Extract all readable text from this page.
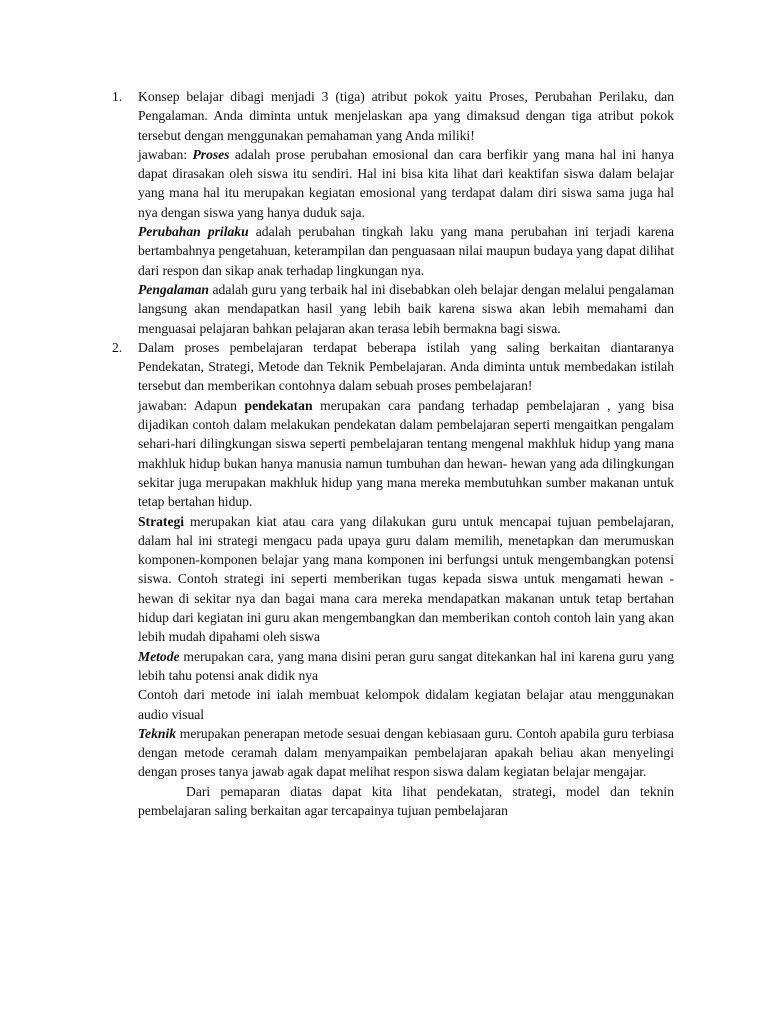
1. Konsep belajar dibagi menjadi 3 (tiga) atribut pokok yaitu Proses, Perubahan Perilaku, dan Pengalaman. Anda diminta untuk menjelaskan apa yang dimaksud dengan tiga atribut pokok tersebut dengan menggunakan pemahaman yang Anda miliki!

jawaban: Proses adalah prose perubahan emosional dan cara berfikir yang mana hal ini hanya dapat dirasakan oleh siswa itu sendiri. Hal ini bisa kita lihat dari keaktifan siswa dalam belajar yang mana hal itu merupakan kegiatan emosional yang terdapat dalam diri siswa sama juga hal nya dengan siswa yang hanya duduk saja.

Perubahan prilaku adalah perubahan tingkah laku yang mana perubahan ini terjadi karena bertambahnya pengetahuan, keterampilan dan penguasaan nilai maupun budaya yang dapat dilihat dari respon dan sikap anak terhadap lingkungan nya.

Pengalaman adalah guru yang terbaik hal ini disebabkan oleh belajar dengan melalui pengalaman langsung akan mendapatkan hasil yang lebih baik karena siswa akan lebih memahami dan menguasai pelajaran bahkan pelajaran akan terasa lebih bermakna bagi siswa.

2. Dalam proses pembelajaran terdapat beberapa istilah yang saling berkaitan diantaranya Pendekatan, Strategi, Metode dan Teknik Pembelajaran. Anda diminta untuk membedakan istilah tersebut dan memberikan contohnya dalam sebuah proses pembelajaran!

jawaban: Adapun pendekatan merupakan cara pandang terhadap pembelajaran , yang bisa dijadikan contoh dalam melakukan pendekatan dalam pembelajaran seperti mengaitkan pengalam sehari-hari dilingkungan siswa seperti pembelajaran tentang mengenal makhluk hidup yang mana makhluk hidup bukan hanya manusia namun tumbuhan dan hewan- hewan yang ada dilingkungan sekitar juga merupakan makhluk hidup yang mana mereka membutuhkan sumber makanan untuk tetap bertahan hidup.

Strategi merupakan kiat atau cara yang dilakukan guru untuk mencapai tujuan pembelajaran, dalam hal ini strategi mengacu pada upaya guru dalam memilih, menetapkan dan merumuskan komponen-komponen belajar yang mana komponen ini berfungsi untuk mengembangkan potensi siswa. Contoh strategi ini seperti memberikan tugas kepada siswa untuk mengamati hewan -hewan di sekitar nya dan bagai mana cara mereka mendapatkan makanan untuk tetap bertahan hidup dari kegiatan ini guru akan mengembangkan dan memberikan contoh contoh lain yang akan lebih mudah dipahami oleh siswa

Metode merupakan cara, yang mana disini peran guru sangat ditekankan hal ini karena guru yang lebih tahu potensi anak didik nya

Contoh dari metode ini ialah membuat kelompok didalam kegiatan belajar atau menggunakan audio visual

Teknik merupakan penerapan metode sesuai dengan kebiasaan guru. Contoh apabila guru terbiasa dengan metode ceramah dalam menyampaikan pembelajaran apakah beliau akan menyelingi dengan proses tanya jawab agak dapat melihat respon siswa dalam kegiatan belajar mengajar.

Dari pemaparan diatas dapat kita lihat pendekatan, strategi, model dan teknin pembelajaran saling berkaitan agar tercapainya tujuan pembelajaran
